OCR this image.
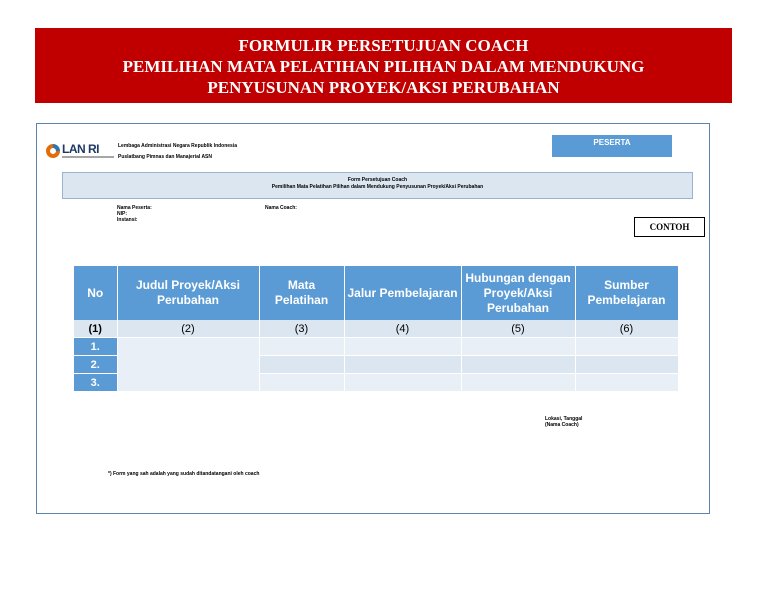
FORMULIR PERSETUJUAN COACH
PEMILIHAN MATA PELATIHAN PILIHAN DALAM MENDUKUNG
PENYUSUNAN PROYEK/AKSI PERUBAHAN
LAN RI	Lembaga Administrasi Negara Republik Indonesia
Puslatbang Pimnas dan Manajerial ASN
PESERTA
Form Persetujuan Coach
Pemilihan Mata Pelatihan Pilihan dalam Mendukung Penyusunan Proyek/Aksi Perubahan
Nama Peserta:
NIP:
Instansi:
Nama Coach:
CONTOH
No	Judul Proyek/Aksi Perubahan	Mata Pelatihan	Jalur Pembelajaran	Hubungan dengan Proyek/Aksi Perubahan	Sumber Pembelajaran
(1)	(2)	(3)	(4)	(5)	(6)
1.					
2.					
3.					
Lokasi, Tanggal
(Nama Coach)
*) Form yang sah adalah yang sudah ditandatangani oleh coach
